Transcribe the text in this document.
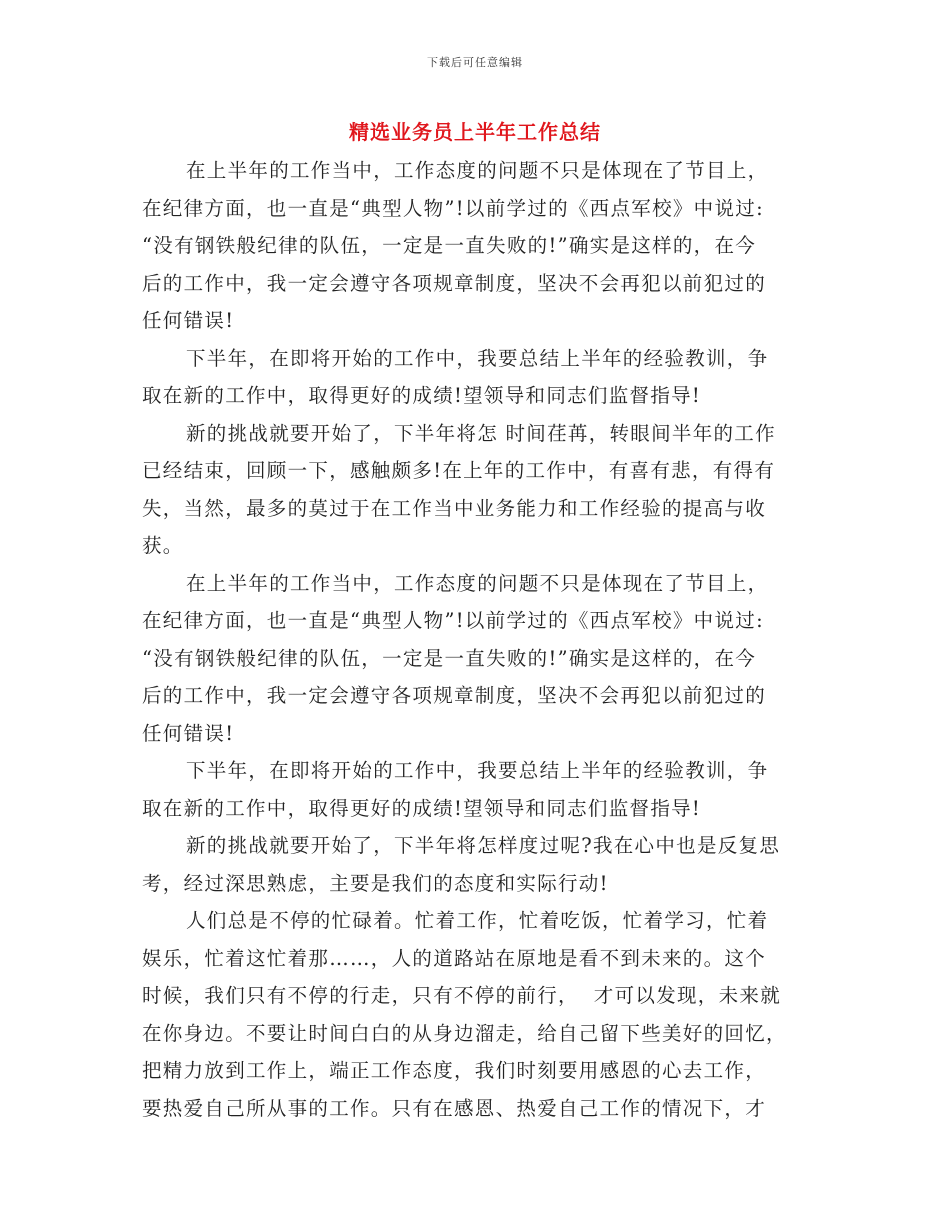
下载后可任意编辑
精选业务员上半年工作总结

在上半年的工作当中，工作态度的问题不只是体现在了节目上，
在纪律方面，也一直是“典型人物”!以前学过的《西点军校》中说过:
“没有钢铁般纪律的队伍，一定是一直失败的!”确实是这样的，在今
后的工作中，我一定会遵守各项规章制度，坚决不会再犯以前犯过的
任何错误!

下半年，在即将开始的工作中，我要总结上半年的经验教训，争
取在新的工作中，取得更好的成绩!望领导和同志们监督指导!

新的挑战就要开始了，下半年将怎 时间荏苒，转眼间半年的工作
已经结束，回顾一下，感触颇多!在上年的工作中，有喜有悲，有得有
失，当然，最多的莫过于在工作当中业务能力和工作经验的提高与收
获。

在上半年的工作当中，工作态度的问题不只是体现在了节目上，
在纪律方面，也一直是“典型人物”!以前学过的《西点军校》中说过:
“没有钢铁般纪律的队伍，一定是一直失败的!”确实是这样的，在今
后的工作中，我一定会遵守各项规章制度，坚决不会再犯以前犯过的
任何错误!

下半年，在即将开始的工作中，我要总结上半年的经验教训，争
取在新的工作中，取得更好的成绩!望领导和同志们监督指导!

新的挑战就要开始了，下半年将怎样度过呢?我在心中也是反复思
考，经过深思熟虑，主要是我们的态度和实际行动!

人们总是不停的忙碌着。忙着工作，忙着吃饭，忙着学习，忙着
娱乐，忙着这忙着那……，人的道路站在原地是看不到未来的。这个
时候，我们只有不停的行走，只有不停的前行，  才可以发现，未来就
在你身边。不要让时间白白的从身边溜走，给自己留下些美好的回忆，
把精力放到工作上，端正工作态度，我们时刻要用感恩的心去工作，
要热爱自己所从事的工作。只有在感恩、热爱自己工作的情况下，才
